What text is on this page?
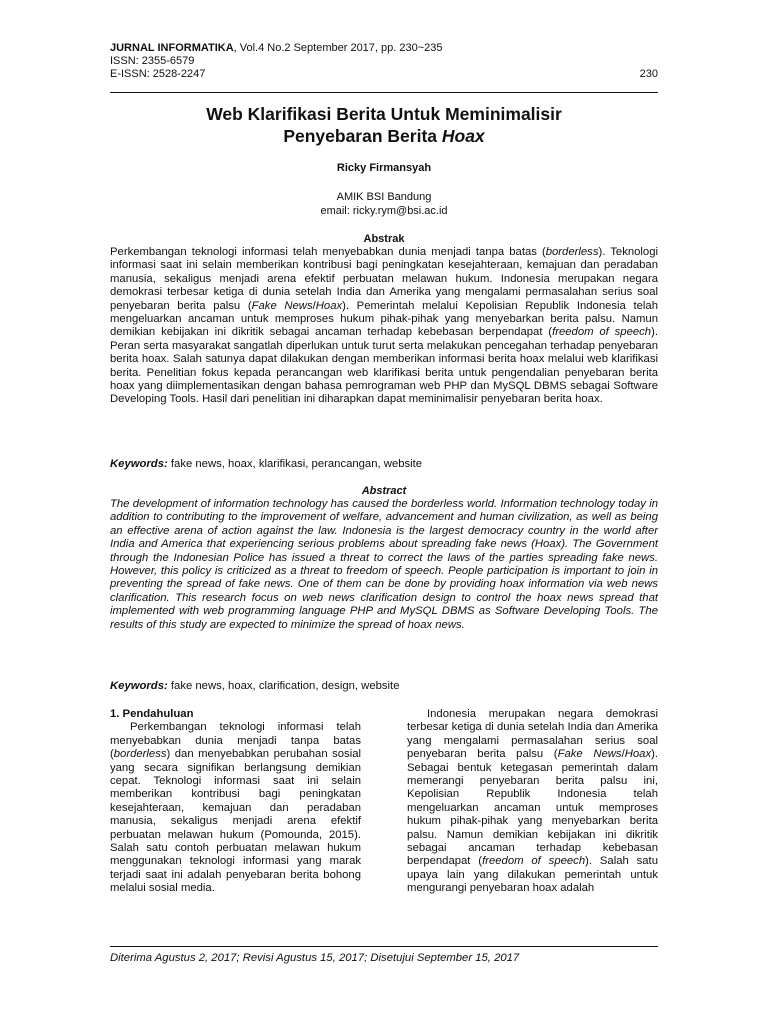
JURNAL INFORMATIKA, Vol.4 No.2 September 2017, pp. 230~235
ISSN: 2355-6579
E-ISSN: 2528-2247	230
Web Klarifikasi Berita Untuk Meminimalisir
Penyebaran Berita Hoax
Ricky Firmansyah
AMIK BSI Bandung
email: ricky.rym@bsi.ac.id
Abstrak
Perkembangan teknologi informasi telah menyebabkan dunia menjadi tanpa batas (borderless). Teknologi informasi saat ini selain memberikan kontribusi bagi peningkatan kesejahteraan, kemajuan dan peradaban manusia, sekaligus menjadi arena efektif perbuatan melawan hukum. Indonesia merupakan negara demokrasi terbesar ketiga di dunia setelah India dan Amerika yang mengalami permasalahan serius soal penyebaran berita palsu (Fake News/Hoax). Pemerintah melalui Kepolisian Republik Indonesia telah mengeluarkan ancaman untuk memproses hukum pihak-pihak yang menyebarkan berita palsu. Namun demikian kebijakan ini dikritik sebagai ancaman terhadap kebebasan berpendapat (freedom of speech). Peran serta masyarakat sangatlah diperlukan untuk turut serta melakukan pencegahan terhadap penyebaran berita hoax. Salah satunya dapat dilakukan dengan memberikan informasi berita hoax melalui web klarifikasi berita. Penelitian fokus kepada perancangan web klarifikasi berita untuk pengendalian penyebaran berita hoax yang diimplementasikan dengan bahasa pemrograman web PHP dan MySQL DBMS sebagai Software Developing Tools. Hasil dari penelitian ini diharapkan dapat meminimalisir penyebaran berita hoax.
Keywords: fake news, hoax, klarifikasi, perancangan, website
Abstract
The development of information technology has caused the borderless world. Information technology today in addition to contributing to the improvement of welfare, advancement and human civilization, as well as being an effective arena of action against the law. Indonesia is the largest democracy country in the world after India and America that experiencing serious problems about spreading fake news (Hoax). The Government through the Indonesian Police has issued a threat to correct the laws of the parties spreading fake news. However, this policy is criticized as a threat to freedom of speech. People participation is important to join in preventing the spread of fake news. One of them can be done by providing hoax information via web news clarification. This research focus on web news clarification design to control the hoax news spread that implemented with web programming language PHP and MySQL DBMS as Software Developing Tools. The results of this study are expected to minimize the spread of hoax news.
Keywords: fake news, hoax, clarification, design, website
1. Pendahuluan

Perkembangan teknologi informasi telah menyebabkan dunia menjadi tanpa batas (borderless) dan menyebabkan perubahan sosial yang secara signifikan berlangsung demikian cepat. Teknologi informasi saat ini selain memberikan kontribusi bagi peningkatan kesejahteraan, kemajuan dan peradaban manusia, sekaligus menjadi arena efektif perbuatan melawan hukum (Pomounda, 2015). Salah satu contoh perbuatan melawan hukum menggunakan teknologi informasi yang marak terjadi saat ini adalah penyebaran berita bohong melalui sosial media.

Indonesia merupakan negara demokrasi terbesar ketiga di dunia setelah India dan Amerika yang mengalami permasalahan serius soal penyebaran berita palsu (Fake News/Hoax). Sebagai bentuk ketegasan pemerintah dalam memerangi penyebaran berita palsu ini, Kepolisian Republik Indonesia telah mengeluarkan ancaman untuk memproses hukum pihak-pihak yang menyebarkan berita palsu. Namun demikian kebijakan ini dikritik sebagai ancaman terhadap kebebasan berpendapat (freedom of speech). Salah satu upaya lain yang dilakukan pemerintah untuk mengurangi penyebaran hoax adalah

Diterima Agustus 2, 2017; Revisi Agustus 15, 2017; Disetujui September 15, 2017
